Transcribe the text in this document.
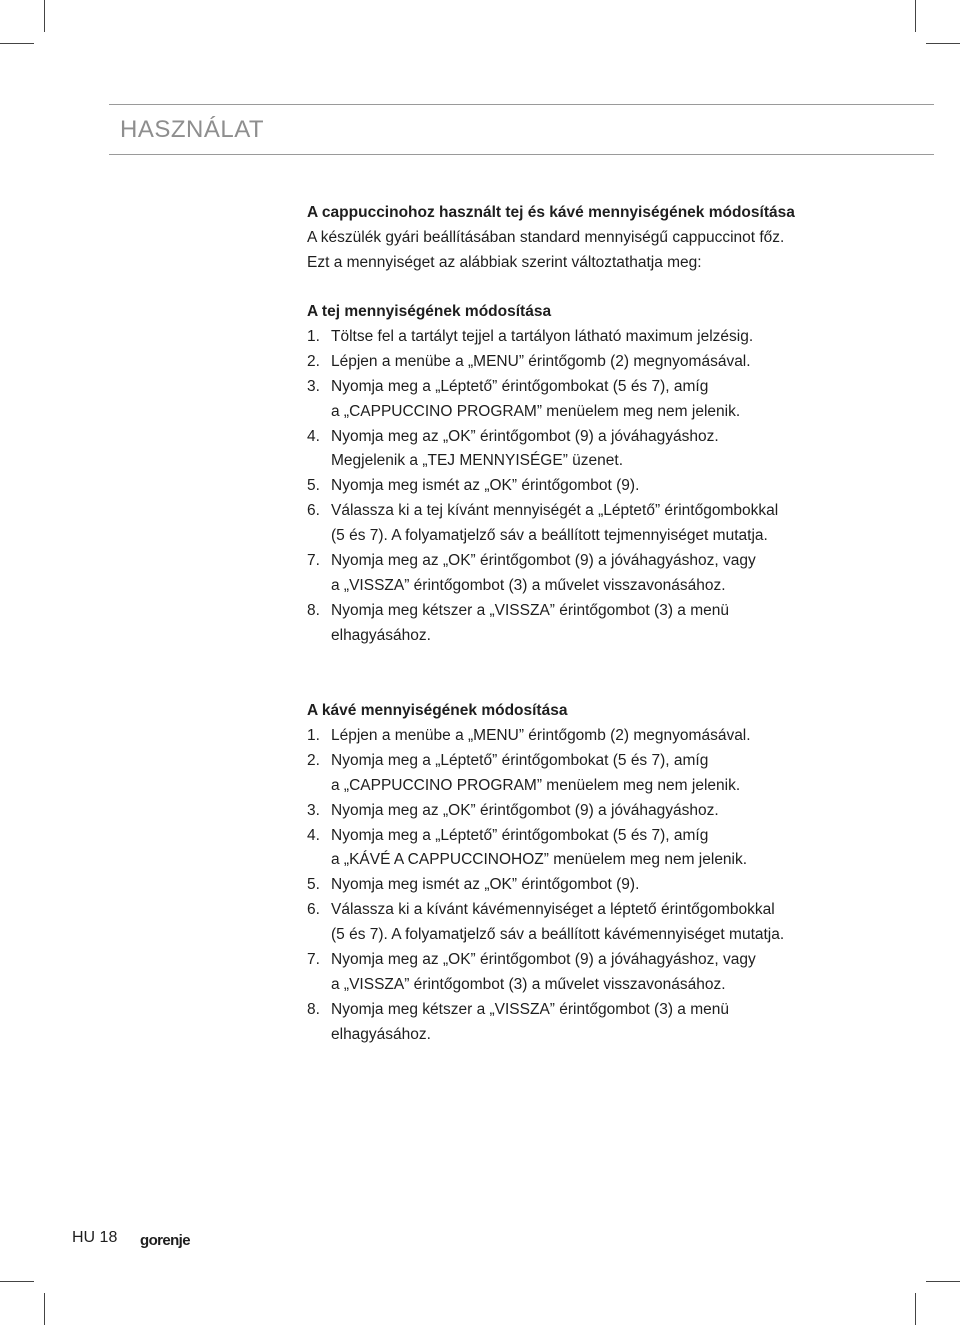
HASZNÁLAT

A cappuccinohoz használt tej és kávé mennyiségének módosítása

A készülék gyári beállításában standard mennyiségű cappuccinot főz.

Ezt a mennyiséget az alábbiak szerint változtathatja meg:

A tej mennyiségének módosítása

1. Töltse fel a tartályt tejjel a tartályon látható maximum jelzésig.
2. Lépjen a menübe a „MENU” érintőgomb (2) megnyomásával.
3. Nyomja meg a „Léptető” érintőgombokat (5 és 7), amíg
a „CAPPUCCINO PROGRAM” menüelem meg nem jelenik.
4. Nyomja meg az „OK” érintőgombot (9) a jóváhagyáshoz.
Megjelenik a „TEJ MENNYISÉGE” üzenet.
5. Nyomja meg ismét az „OK” érintőgombot (9).
6. Válassza ki a tej kívánt mennyiségét a „Léptető” érintőgombokkal
(5 és 7). A folyamatjelző sáv a beállított tejmennyiséget mutatja.
7. Nyomja meg az „OK” érintőgombot (9) a jóváhagyáshoz, vagy
a „VISSZA” érintőgombot (3) a művelet visszavonásához.
8. Nyomja meg kétszer a „VISSZA” érintőgombot (3) a menü
elhagyásához.

A kávé mennyiségének módosítása

1. Lépjen a menübe a „MENU” érintőgomb (2) megnyomásával.
2. Nyomja meg a „Léptető” érintőgombokat (5 és 7), amíg
a „CAPPUCCINO PROGRAM” menüelem meg nem jelenik.
3. Nyomja meg az „OK” érintőgombot (9) a jóváhagyáshoz.
4. Nyomja meg a „Léptető” érintőgombokat (5 és 7), amíg
a „KÁVÉ A CAPPUCCINOHOZ” menüelem meg nem jelenik.
5. Nyomja meg ismét az „OK” érintőgombot (9).
6. Válassza ki a kívánt kávémennyiséget a léptető érintőgombokkal
(5 és 7). A folyamatjelző sáv a beállított kávémennyiséget mutatja.
7. Nyomja meg az „OK” érintőgombot (9) a jóváhagyáshoz, vagy
a „VISSZA” érintőgombot (3) a művelet visszavonásához.
8. Nyomja meg kétszer a „VISSZA” érintőgombot (3) a menü
elhagyásához.
HU 18 gorenje
